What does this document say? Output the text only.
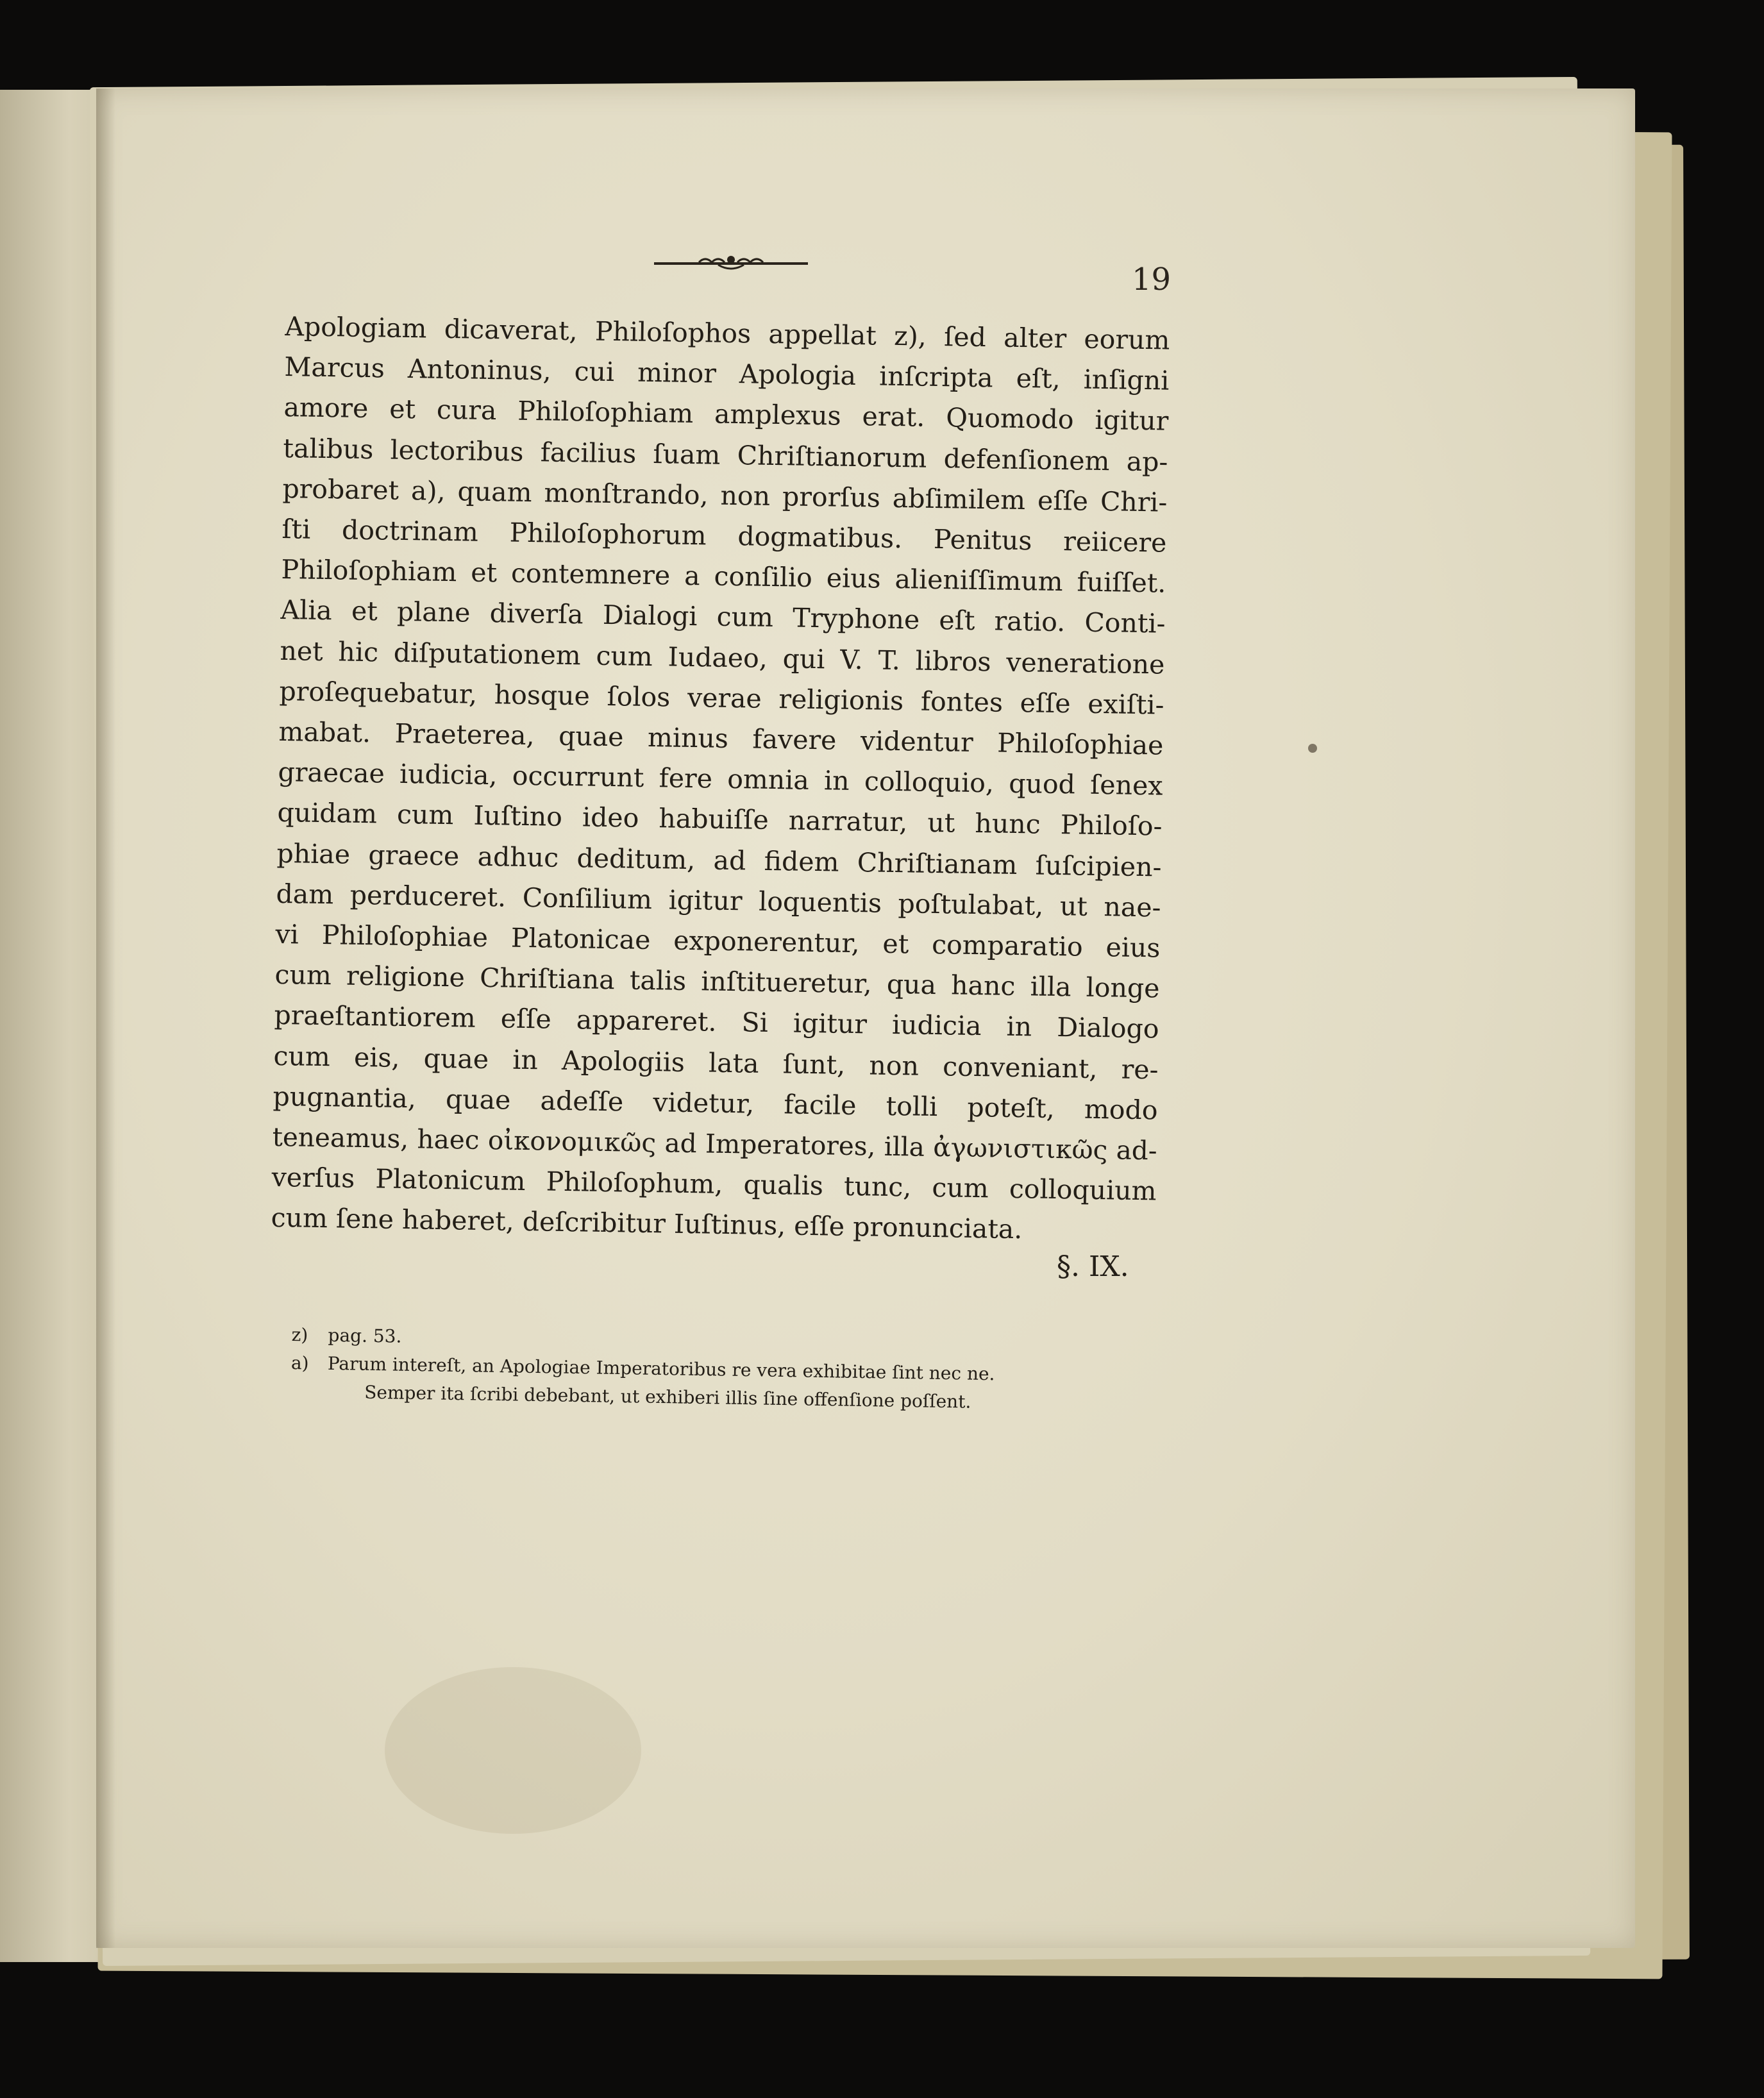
19
Apologiam dicaverat, Philoſophos appellat z), ſed alter eorum
Marcus Antoninus, cui minor Apologia inſcripta eſt, inſigni
amore et cura Philoſophiam amplexus erat. Quomodo igitur
talibus lectoribus facilius ſuam Chriſtianorum defenſionem ap-
probaret a), quam monſtrando, non prorſus abſimilem eſſe Chri-
ſti doctrinam Philoſophorum dogmatibus. Penitus reiicere
Philoſophiam et contemnere a conſilio eius alieniſſimum fuiſſet.
Alia et plane diverſa Dialogi cum Tryphone eſt ratio. Conti-
net hic diſputationem cum Iudaeo, qui V. T. libros veneratione
proſequebatur, hosque ſolos verae religionis fontes eſſe exiſti-
mabat. Praeterea, quae minus favere videntur Philoſophiae
graecae iudicia, occurrunt fere omnia in colloquio, quod ſenex
quidam cum Iuſtino ideo habuiſſe narratur, ut hunc Philoſo-
phiae graece adhuc deditum, ad fidem Chriſtianam ſuſcipien-
dam perduceret. Conſilium igitur loquentis poſtulabat, ut nae-
vi Philoſophiae Platonicae exponerentur, et comparatio eius
cum religione Chriſtiana talis inſtitueretur, qua hanc illa longe
praeſtantiorem eſſe appareret. Si igitur iudicia in Dialogo
cum eis, quae in Apologiis lata ſunt, non conveniant, re-
pugnantia, quae adeſſe videtur, facile tolli poteſt, modo
teneamus, haec οἰκονομικῶς ad Imperatores, illa ἀγωνιστικῶς ad-
verſus Platonicum Philoſophum, qualis tunc, cum colloquium
cum ſene haberet, deſcribitur Iuſtinus, eſſe pronunciata.
§. IX.
z) pag. 53.
a) Parum intereſt, an Apologiae Imperatoribus re vera exhibitae ſint nec ne.
Semper ita ſcribi debebant, ut exhiberi illis ſine offenſione poſſent.
